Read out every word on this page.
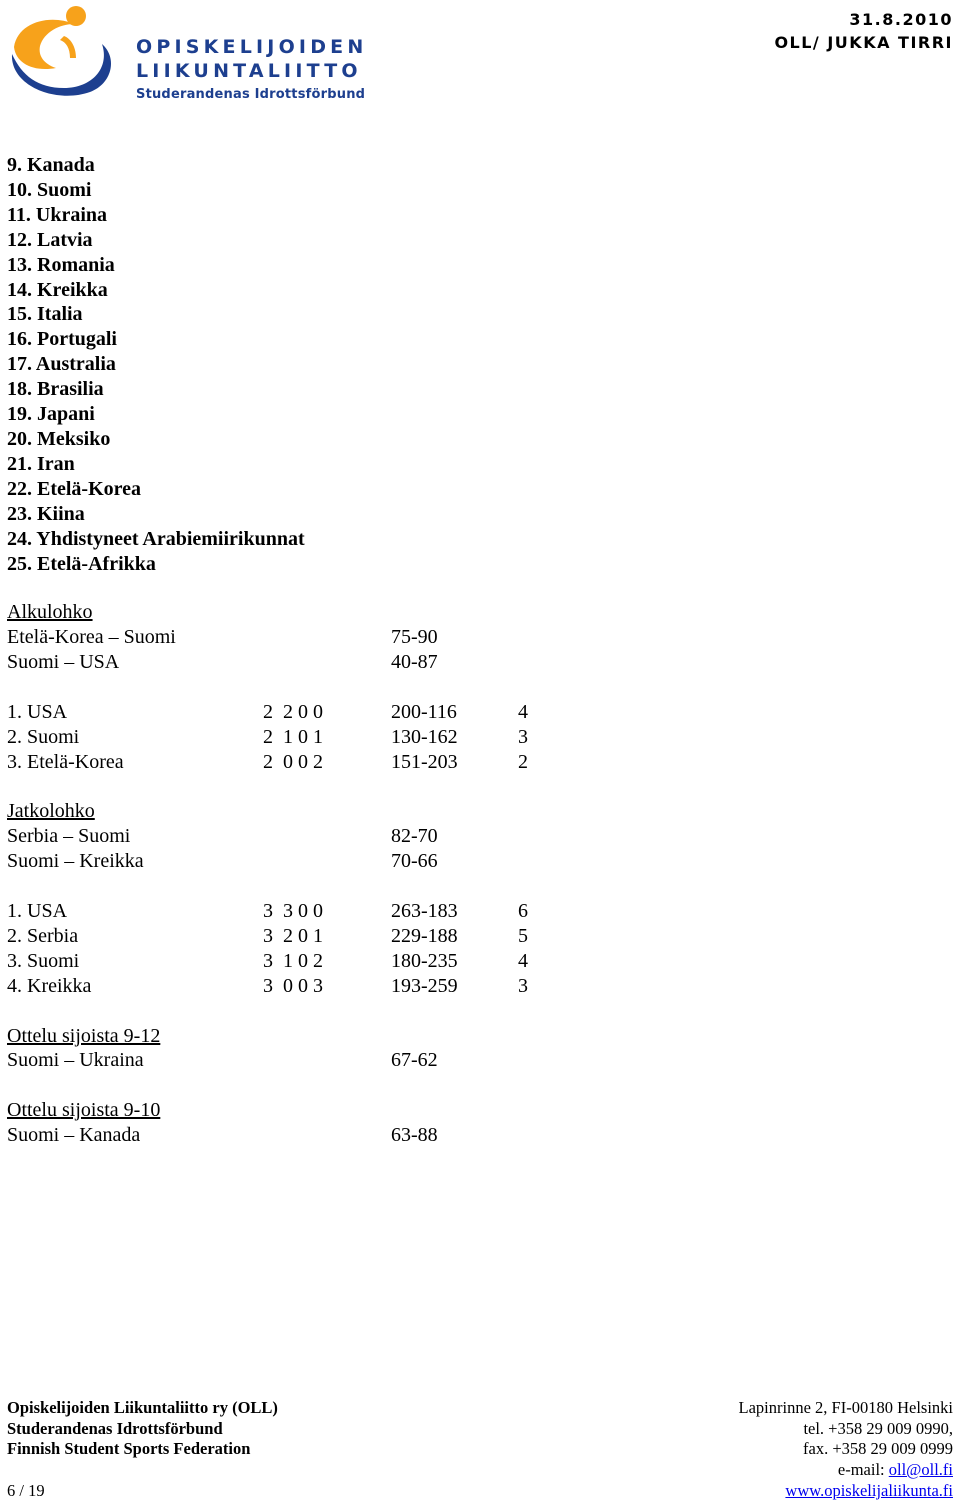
OPISKELIJOIDEN
LIIKUNTALIITTO
Studerandenas Idrottsförbund
31.8.2010
OLL/ JUKKA TIRRI
9. Kanada
10. Suomi
11. Ukraina
12. Latvia
13. Romania
14. Kreikka
15. Italia
16. Portugali
17. Australia
18. Brasilia
19. Japani
20. Meksiko
21. Iran
22. Etelä-Korea
23. Kiina
24. Yhdistyneet Arabiemiirikunnat
25. Etelä-Afrikka
Alkulohko
Etelä-Korea – Suomi	75-90
Suomi – USA	40-87
1. USA	2  2 0 0	200-116	4
2. Suomi	2  1 0 1	130-162	3
3. Etelä-Korea	2  0 0 2	151-203	2
Jatkolohko
Serbia – Suomi	82-70
Suomi – Kreikka	70-66
1. USA	3  3 0 0	263-183	6
2. Serbia	3  2 0 1	229-188	5
3. Suomi	3  1 0 2	180-235	4
4. Kreikka	3  0 0 3	193-259	3
Ottelu sijoista 9-12
Suomi – Ukraina	67-62
Ottelu sijoista 9-10
Suomi – Kanada	63-88
Opiskelijoiden Liikuntaliitto ry (OLL)
Studerandenas Idrottsförbund
Finnish Student Sports Federation
Lapinrinne 2, FI-00180 Helsinki
tel. +358 29 009 0990,
fax. +358 29 009 0999
e-mail: oll@oll.fi
www.opiskelijaliikunta.fi
6 / 19
